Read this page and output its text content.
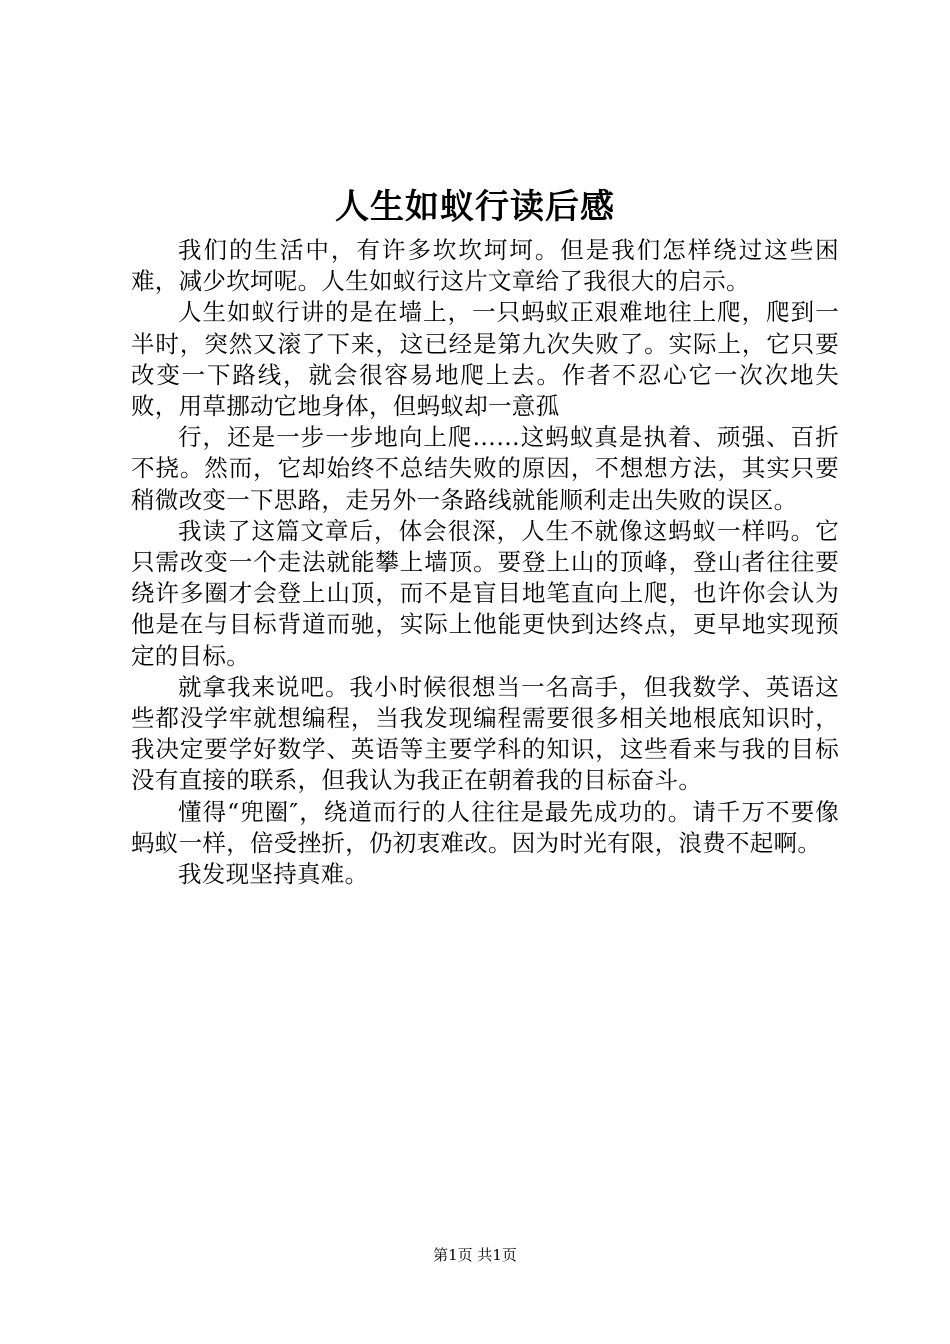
人生如蚁行读后感

我们的生活中，有许多坎坎坷坷。但是我们怎样绕过这些困难，减少坎坷呢。人生如蚁行这片文章给了我很大的启示。

人生如蚁行讲的是在墙上，一只蚂蚁正艰难地往上爬，爬到一半时，突然又滚了下来，这已经是第九次失败了。实际上，它只要改变一下路线，就会很容易地爬上去。作者不忍心它一次次地失败，用草挪动它地身体，但蚂蚁却一意孤

行，还是一步一步地向上爬……这蚂蚁真是执着、顽强、百折不挠。然而，它却始终不总结失败的原因，不想想方法，其实只要稍微改变一下思路，走另外一条路线就能顺利走出失败的误区。

我读了这篇文章后，体会很深，人生不就像这蚂蚁一样吗。它只需改变一个走法就能攀上墙顶。要登上山的顶峰，登山者往往要绕许多圈才会登上山顶，而不是盲目地笔直向上爬，也许你会认为他是在与目标背道而驰，实际上他能更快到达终点，更早地实现预定的目标。

就拿我来说吧。我小时候很想当一名高手，但我数学、英语这些都没学牢就想编程，当我发现编程需要很多相关地根底知识时，我决定要学好数学、英语等主要学科的知识，这些看来与我的目标没有直接的联系，但我认为我正在朝着我的目标奋斗。

懂得“兜圈″，绕道而行的人往往是最先成功的。请千万不要像蚂蚁一样，倍受挫折，仍初衷难改。因为时光有限，浪费不起啊。

我发现坚持真难。

第1页 共1页
